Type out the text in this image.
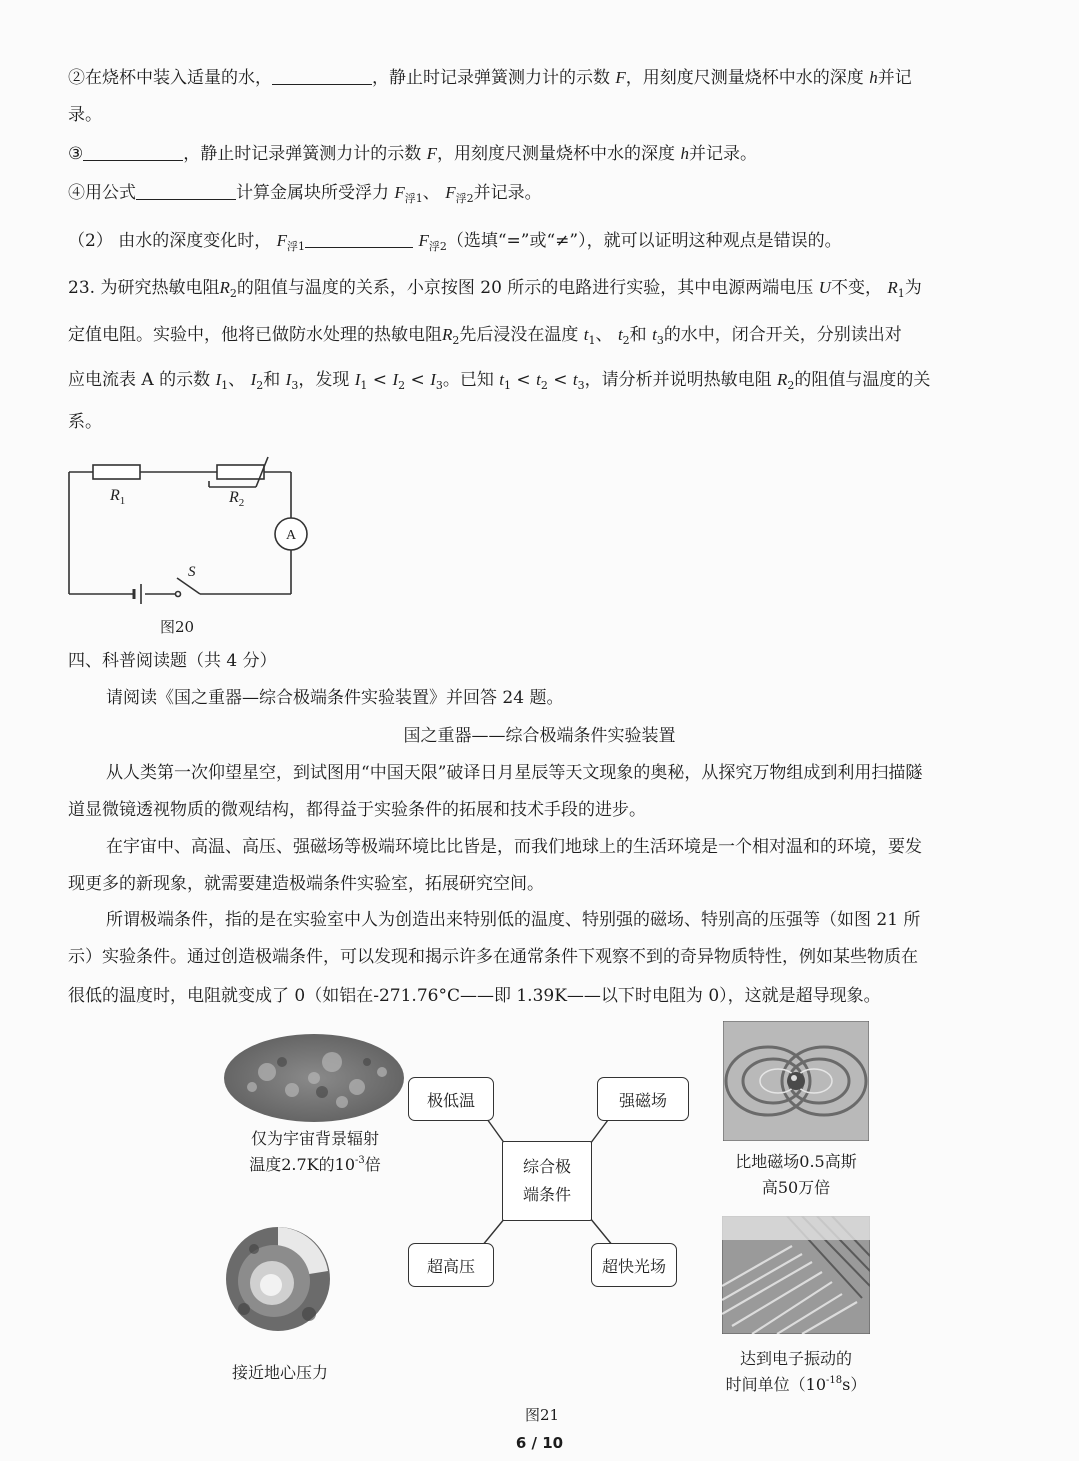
②在烧杯中装入适量的水，	，静止时记录弹簧测力计的示数 F，用刻度尺测量烧杯中水的深度 h并记
录。
③	，静止时记录弹簧测力计的示数 F，用刻度尺测量烧杯中水的深度 h并记录。
④用公式	计算金属块所受浮力 $F_{浮1}$、 $F_{浮2}$并记录。
（2） 由水的深度变化时， $F_{浮1}$	$F_{浮2}$（选填“=”或“≠”），就可以证明这种观点是错误的。
23. 为研究热敏电阻$R_2$的阻值与温度的关系，小京按图 20 所示的电路进行实验，其中电源两端电压 U不变， $R_1$为
定值电阻。实验中，他将已做防水处理的热敏电阻$R_2$先后浸没在温度 $t_1$、 $t_2$和 $t_3$的水中，闭合开关，分别读出对
应电流表 A 的示数 $I_1$、 $I_2$和 $I_3$，发现 $I_1 < I_2 < I_3$。已知 $t_1 < t_2 < t_3$，请分析并说明热敏电阻 $R_2$的阻值与温度的关
系。
$R_1$	$R_2$
A
S
图20
四、科普阅读题（共 4 分）
请阅读《国之重器—综合极端条件实验装置》并回答 24 题。
国之重器——综合极端条件实验装置
从人类第一次仰望星空，到试图用“中国天限”破译日月星辰等天文现象的奥秘，从探究万物组成到利用扫描隧
道显微镜透视物质的微观结构，都得益于实验条件的拓展和技术手段的进步。
在宇宙中、高温、高压、强磁场等极端环境比比皆是，而我们地球上的生活环境是一个相对温和的环境，要发
现更多的新现象，就需要建造极端条件实验室，拓展研究空间。
所谓极端条件，指的是在实验室中人为创造出来特别低的温度、特别强的磁场、特别高的压强等（如图 21 所
示）实验条件。通过创造极端条件，可以发现和揭示许多在通常条件下观察不到的奇异物质特性，例如某些物质在
很低的温度时，电阻就变成了 0（如铝在-271.76°C——即 1.39K——以下时电阻为 0），这就是超导现象。
综合极
端条件
极低温	强磁场
超高压	超快光场
仅为宇宙背景辐射
温度2.7K的$10^{-3}$倍	比地磁场0.5高斯
高50万倍
接近地心压力
达到电子振动的
时间单位$(10^{-18}s)$
图21
6 / 10
